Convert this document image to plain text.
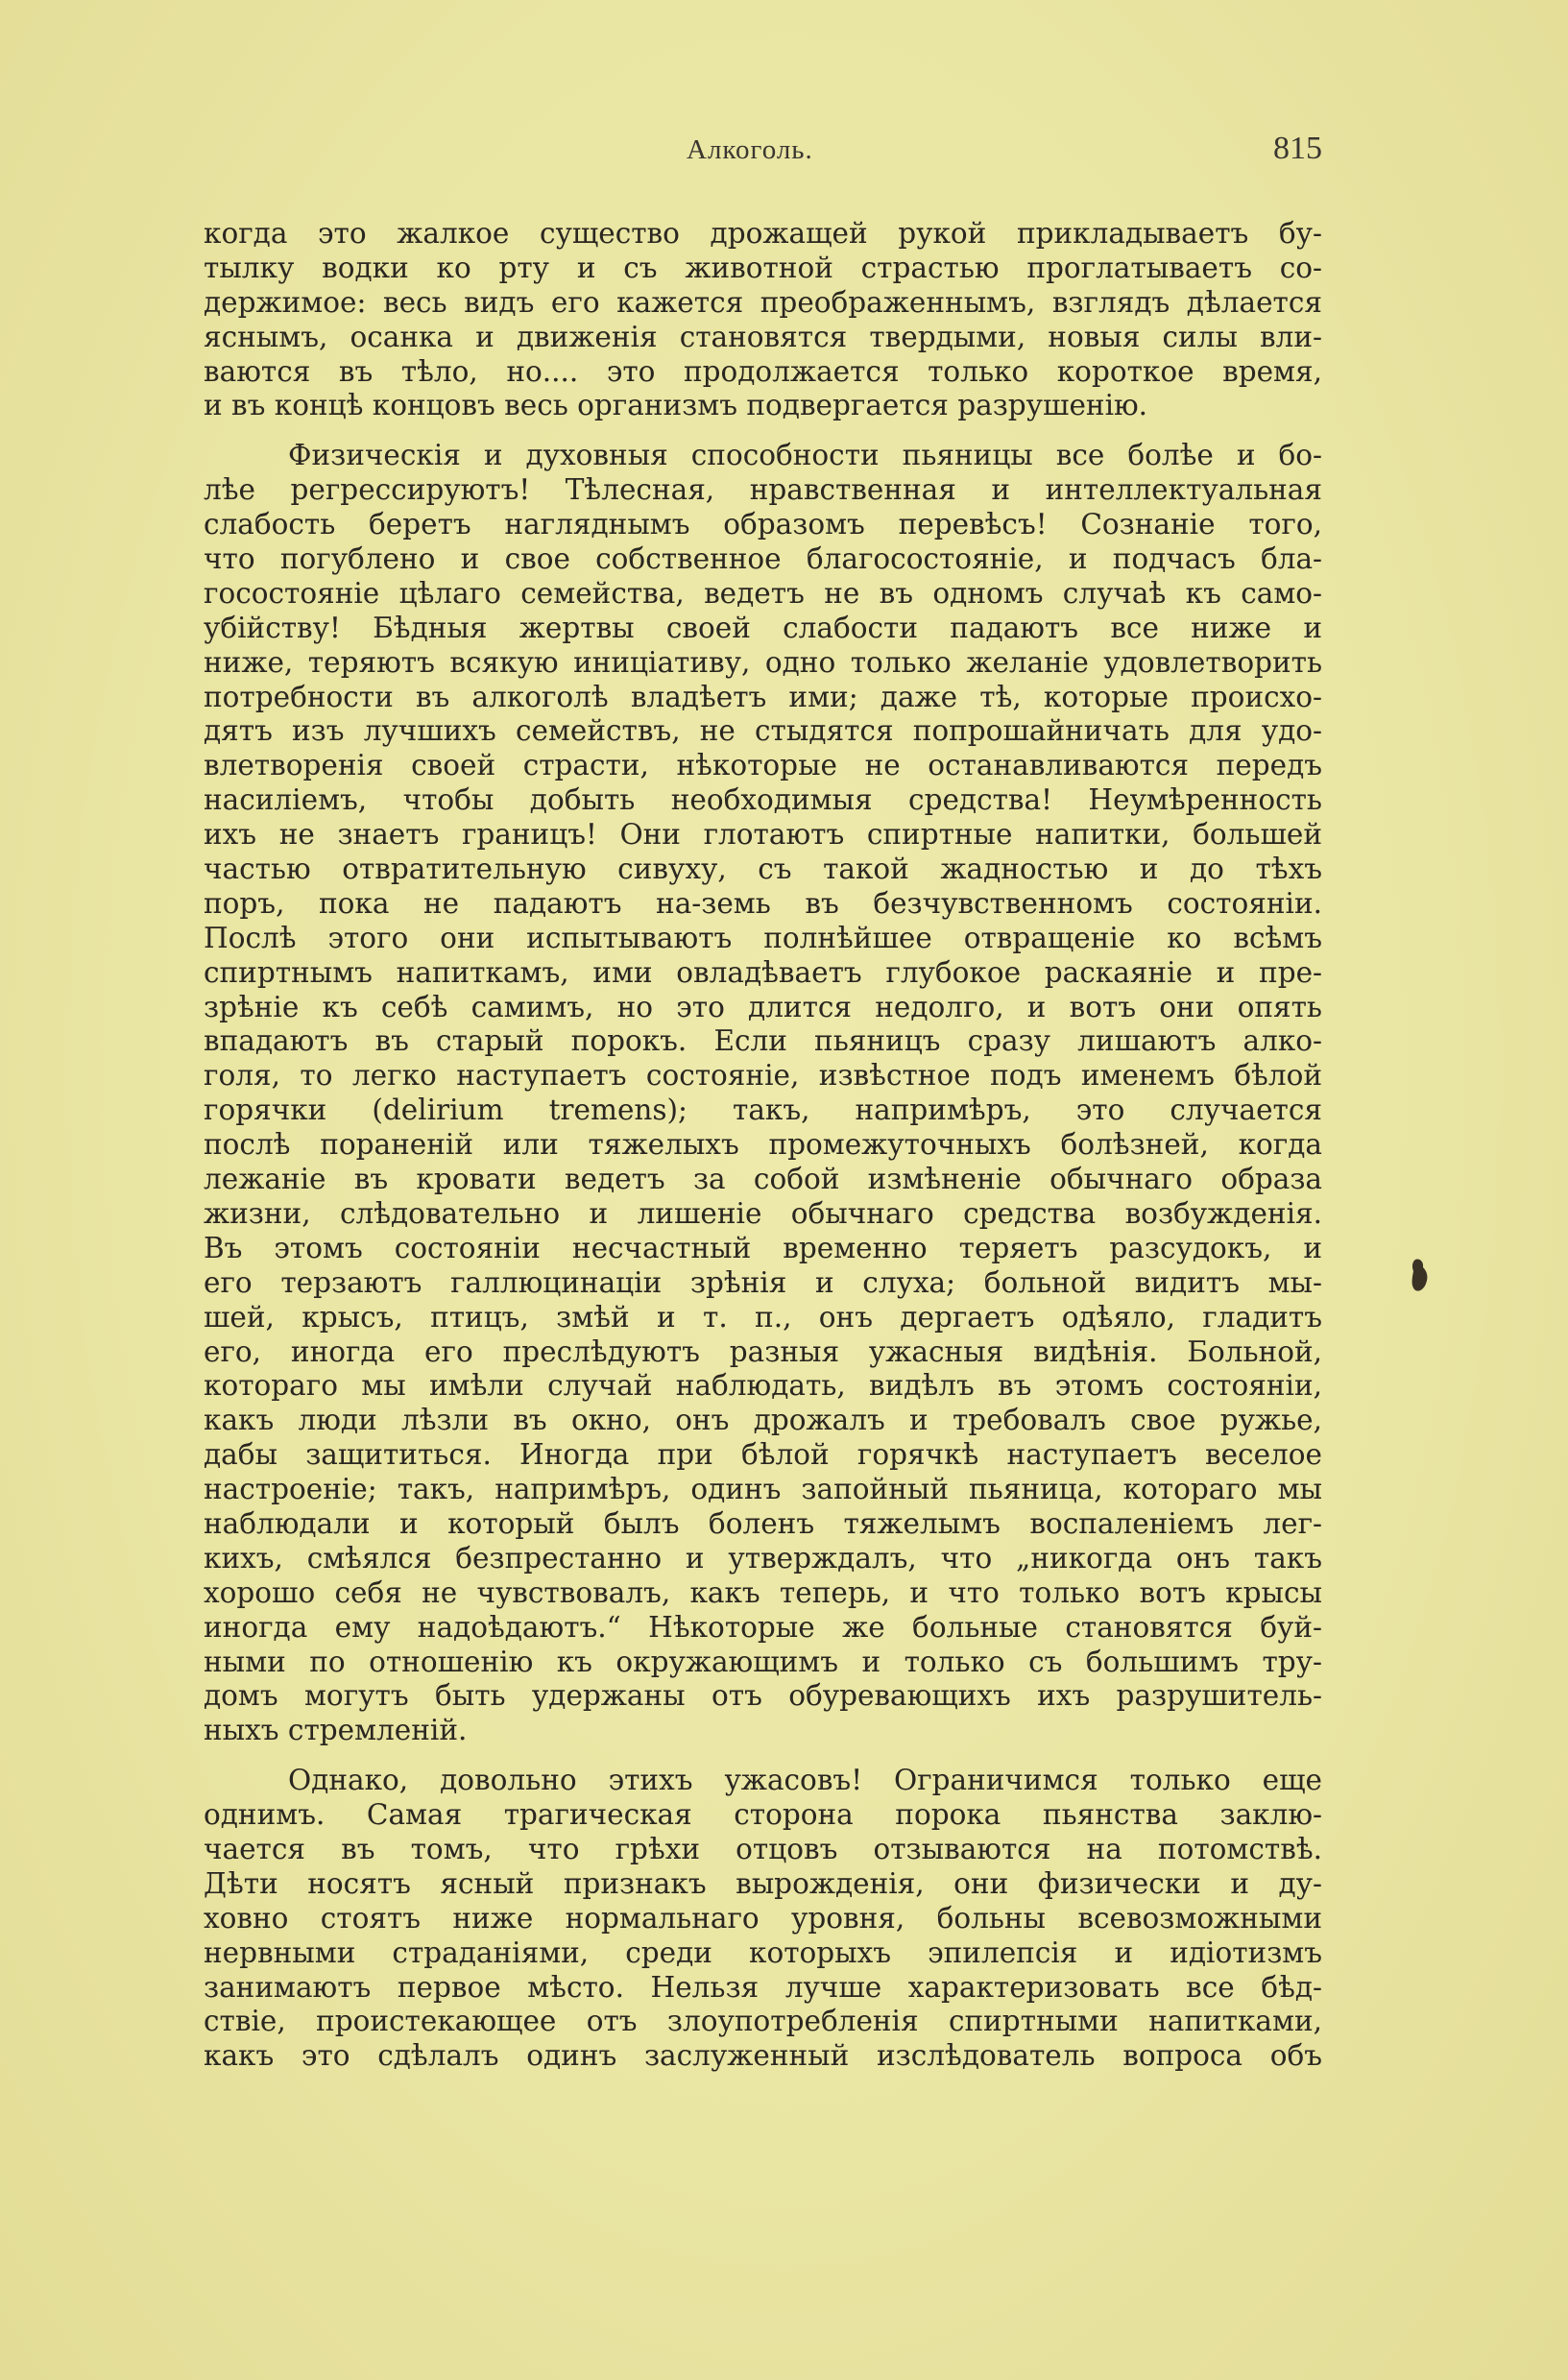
Алкоголь.	815
когда это жалкое существо дрожащей рукой прикладываетъ бу-
тылку водки ко рту и съ животной страстью проглатываетъ со-
держимое: весь видъ его кажется преображеннымъ, взглядъ дѣлается
яснымъ, осанка и движенія становятся твердыми, новыя силы вли-
ваются въ тѣло, но.... это продолжается только короткое время,
и въ концѣ концовъ весь организмъ подвергается разрушенію.
Физическія и духовныя способности пьяницы все болѣе и бо-
лѣе регрессируютъ! Тѣлесная, нравственная и интеллектуальная
слабость беретъ нагляднымъ образомъ перевѣсъ! Сознаніе того,
что погублено и свое собственное благосостояніе, и подчасъ бла-
госостояніе цѣлаго семейства, ведетъ не въ одномъ случаѣ къ само-
убійству! Бѣдныя жертвы своей слабости падаютъ все ниже и
ниже, теряютъ всякую иниціативу, одно только желаніе удовлетворить
потребности въ алкоголѣ владѣетъ ими; даже тѣ, которые происхо-
дятъ изъ лучшихъ семействъ, не стыдятся попрошайничать для удо-
влетворенія своей страсти, нѣкоторые не останавливаются передъ
насиліемъ, чтобы добыть необходимыя средства! Неумѣренность
ихъ не знаетъ границъ! Они глотаютъ спиртные напитки, большей
частью отвратительную сивуху, съ такой жадностью и до тѣхъ
поръ, пока не падаютъ на-земь въ безчувственномъ состояніи.
Послѣ этого они испытываютъ полнѣйшее отвращеніе ко всѣмъ
спиртнымъ напиткамъ, ими овладѣваетъ глубокое раскаяніе и пре-
зрѣніе къ себѣ самимъ, но это длится недолго, и вотъ они опять
впадаютъ въ старый порокъ. Если пьяницъ сразу лишаютъ алко-
голя, то легко наступаетъ состояніе, извѣстное подъ именемъ бѣлой
горячки (delirium tremens); такъ, напримѣръ, это случается
послѣ пораненій или тяжелыхъ промежуточныхъ болѣзней, когда
лежаніе въ кровати ведетъ за собой измѣненіе обычнаго образа
жизни, слѣдовательно и лишеніе обычнаго средства возбужденія.
Въ этомъ состояніи несчастный временно теряетъ разсудокъ, и
его терзаютъ галлюцинаціи зрѣнія и слуха; больной видитъ мы-
шей, крысъ, птицъ, змѣй и т. п., онъ дергаетъ одѣяло, гладитъ
его, иногда его преслѣдуютъ разныя ужасныя видѣнія. Больной,
котораго мы имѣли случай наблюдать, видѣлъ въ этомъ состояніи,
какъ люди лѣзли въ окно, онъ дрожалъ и требовалъ свое ружье,
дабы защититься. Иногда при бѣлой горячкѣ наступаетъ веселое
настроеніе; такъ, напримѣръ, одинъ запойный пьяница, котораго мы
наблюдали и который былъ боленъ тяжелымъ воспаленіемъ лег-
кихъ, смѣялся безпрестанно и утверждалъ, что „никогда онъ такъ
хорошо себя не чувствовалъ, какъ теперь, и что только вотъ крысы
иногда ему надоѣдаютъ.“ Нѣкоторые же больные становятся буй-
ными по отношенію къ окружающимъ и только съ большимъ тру-
домъ могутъ быть удержаны отъ обуревающихъ ихъ разрушитель-
ныхъ стремленій.
Однако, довольно этихъ ужасовъ! Ограничимся только еще
однимъ. Самая трагическая сторона порока пьянства заклю-
чается въ томъ, что грѣхи отцовъ отзываются на потомствѣ.
Дѣти носятъ ясный признакъ вырожденія, они физически и ду-
ховно стоятъ ниже нормальнаго уровня, больны всевозможными
нервными страданіями, среди которыхъ эпилепсія и идіотизмъ
занимаютъ первое мѣсто. Нельзя лучше характеризовать все бѣд-
ствіе, проистекающее отъ злоупотребленія спиртными напитками,
какъ это сдѣлалъ одинъ заслуженный изслѣдователь вопроса объ
